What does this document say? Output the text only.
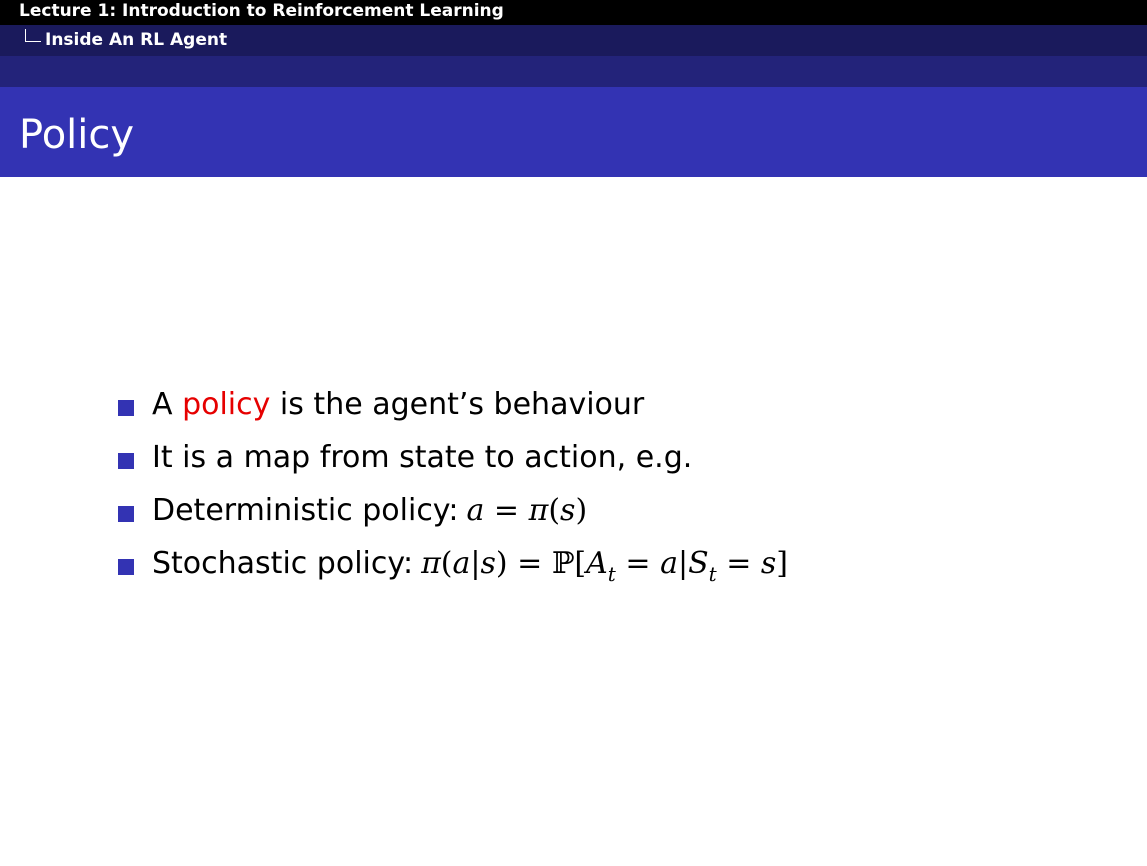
Lecture 1: Introduction to Reinforcement Learning
Inside An RL Agent
Policy
A policy is the agent’s behaviour
It is a map from state to action, e.g.
Deterministic policy: a = π(s)
Stochastic policy: $\pi(a|s) = ℙ[A_t = a|S_t = s]$
